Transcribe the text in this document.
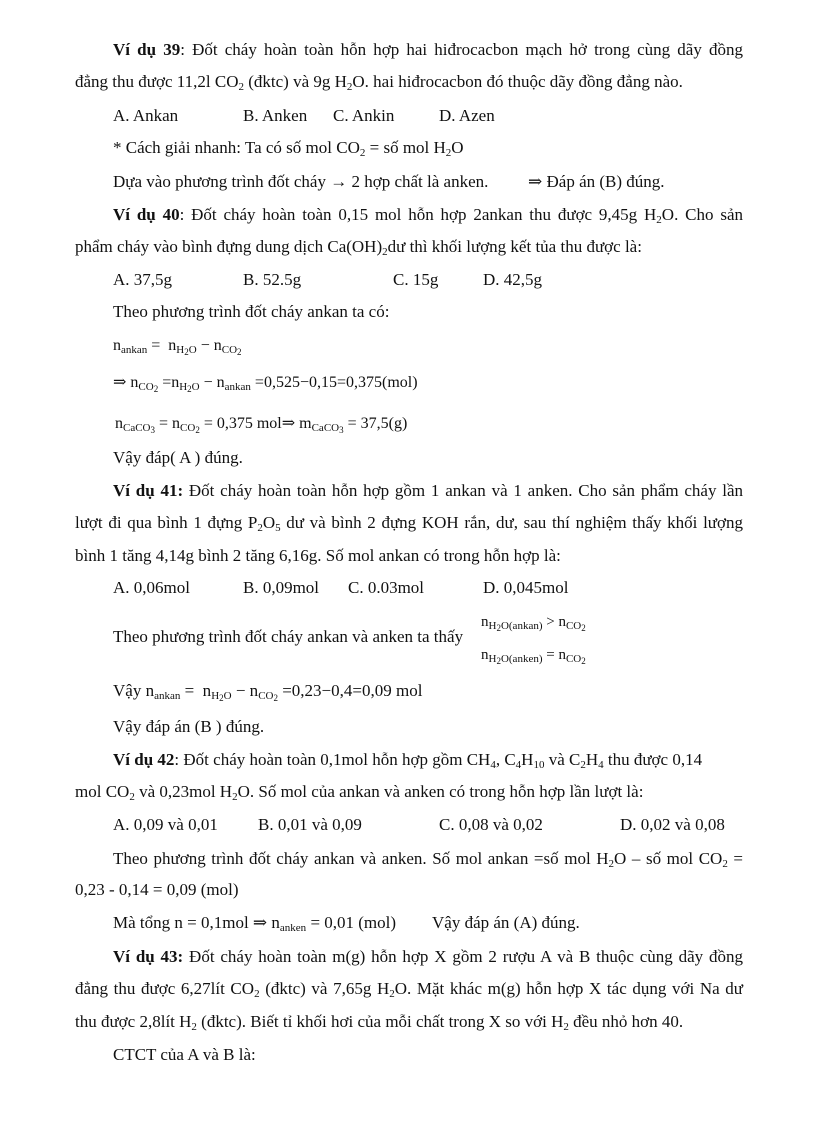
Ví dụ 39: Đốt cháy hoàn toàn hỗn hợp hai hiđrocacbon mạch hở trong cùng dãy đồng
đẳng thu được 11,2l $CO_2$ (đktc) và 9g $H_2O$. hai hiđrocacbon đó thuộc dãy đồng đẳng nào.
A. Ankan	B. Anken C. Ankin	D. Azen
* Cách giải nhanh: Ta có số mol $CO_2$ = số mol $H_2O$
Dựa vào phương trình đốt cháy → 2 hợp chất là anken. ⇒ Đáp án (B) đúng.
Ví dụ 40: Đốt cháy hoàn toàn 0,15 mol hỗn hợp 2ankan thu được 9,45g $H_2O$. Cho sản
phẩm cháy vào bình đựng dung dịch $Ca(OH)_2dư$ thì khối lượng kết tủa thu được là:
A. 37,5g	B. 52.5g	C. 15g	D. 42,5g
Theo phương trình đốt cháy ankan ta có:
$n_{ankan} = n_{H2O} - n_{CO2}$
⇒ $n_{CO2} =n_{H2O} - n_{ankan} =0,525-0,15=0,375(mol)$
$n_{CaCO3} = n_{CO2} = 0,375$ mol⇒ $m_{CaCO3} = 37,5(g)$
Vậy đáp( A ) đúng.
Ví dụ 41: Đốt cháy hoàn toàn hỗn hợp gồm 1 ankan và 1 anken. Cho sản phẩm cháy lần
lượt đi qua bình 1 đựng $P_2O_5$ dư và bình 2 đựng KOH rắn, dư, sau thí nghiệm thấy khối lượng
bình 1 tăng 4,14g bình 2 tăng 6,16g. Số mol ankan có trong hỗn hợp là:
A. 0,06mol	B. 0,09mol C. 0.03mol	D. 0,045mol
Theo phương trình đốt cháy ankan và anken ta thấy
$n_{H2O(ankan)} > n_{CO2}$
$n_{H2O(anken)} = n_{CO2}$
Vậy $n_{ankan} = n_{H2O} - n_{CO2} =0,23-0,4=0,09$ mol
Vậy đáp án (B ) đúng.
Ví dụ 42: Đốt cháy hoàn toàn 0,1mol hỗn hợp gồm $CH_4$, $C_4H_{10}$ và $C_2H_4$ thu được 0,14
mol $CO_2$ và 0,23mol $H_2O$. Số mol của ankan và anken có trong hỗn hợp lần lượt là:
A. 0,09 và 0,01 B. 0,01 và 0,09	C. 0,08 và 0,02	D. 0,02 và 0,08
Theo phương trình đốt cháy ankan và anken. Số mol ankan =số mol $H_2O$ – số mol $CO_2$ =
0,23 - 0,14 = 0,09 (mol)
Mà tổng n = 0,1mol ⇒ $n_{anken} = 0,01$ (mol) Vậy đáp án (A) đúng.
Ví dụ 43: Đốt cháy hoàn toàn m(g) hỗn hợp X gồm 2 rượu A và B thuộc cùng dãy đồng
đẳng thu được 6,27lít $CO_2$ (đktc) và 7,65g $H_2O$. Mặt khác m(g) hỗn hợp X tác dụng với Na dư
thu được 2,8lít $H_2$ (đktc). Biết tỉ khối hơi của mỗi chất trong X so với $H_2$ đều nhỏ hơn 40.
CTCT của A và B là:
